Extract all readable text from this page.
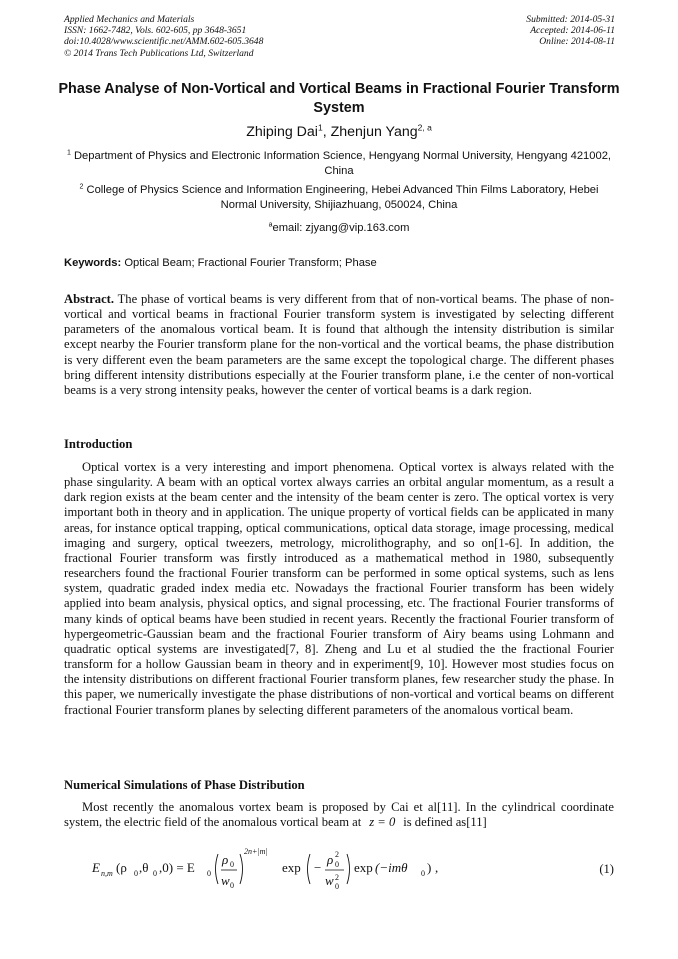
Applied Mechanics and Materials
ISSN: 1662-7482, Vols. 602-605, pp 3648-3651
doi:10.4028/www.scientific.net/AMM.602-605.3648
© 2014 Trans Tech Publications Ltd, Switzerland
Submitted: 2014-05-31
Accepted: 2014-06-11
Online: 2014-08-11
Phase Analyse of Non-Vortical and Vortical Beams in Fractional Fourier Transform System
Zhiping Dai$^1$, Zhenjun Yang$^{2, a}$
$^1$ Department of Physics and Electronic Information Science, Hengyang Normal University, Hengyang 421002, China
$^2$ College of Physics Science and Information Engineering, Hebei Advanced Thin Films Laboratory, Hebei Normal University, Shijiazhuang, 050024, China
$^a$email: zjyang@vip.163.com
Keywords: Optical Beam; Fractional Fourier Transform; Phase
Abstract. The phase of vortical beams is very different from that of non-vortical beams. The phase of non-vortical and vortical beams in fractional Fourier transform system is investigated by selecting different parameters of the anomalous vortical beam. It is found that although the intensity distribution is similar except nearby the Fourier transform plane for the non-vortical and the vortical beams, the phase distribution is very different even the beam parameters are the same except the topological charge. The different phases bring different intensity distributions especially at the Fourier transform plane, i.e the center of non-vortical beams is a very strong intensity peaks, however the center of vortical beams is a dark region.
Introduction
Optical vortex is a very interesting and import phenomena. Optical vortex is always related with the phase singularity. A beam with an optical vortex always carries an orbital angular momentum, as a result a dark region exists at the beam center and the intensity of the beam center is zero. The optical vortex is very important both in theory and in application. The unique property of vortical fields can be applicated in many areas, for instance optical trapping, optical communications, optical data storage, image processing, medical imaging and surgery, optical tweezers, metrology, microlithography, and so on[1-6]. In addition, the fractional Fourier transform was firstly introduced as a mathematical method in 1980, subsequently researchers found the fractional Fourier transform can be performed in some optical systems, such as lens system, quadratic graded index media etc. Nowadays the fractional Fourier transform has been widely applied into beam analysis, physical optics, and signal processing, etc. The fractional Fourier transforms of many kinds of optical beams have been studied in recent years. Recently the fractional Fourier transform of hypergeometric-Gaussian beam and the fractional Fourier transform of Airy beams using Lohmann and quadratic optical systems are investigated[7, 8]. Zheng and Lu et al studied the the fractional Fourier transform for a hollow Gaussian beam in theory and in experiment[9, 10]. However most studies focus on the intensity distributions on different fractional Fourier transform planes, few researcher study the phase. In this paper, we numerically investigate the phase distributions of non-vortical and vortical beams on different fractional Fourier transform planes by selecting different parameters of the anomalous vortical beam.
Numerical Simulations of Phase Distribution
Most recently the anomalous vortex beam is proposed by Cai et al[11]. In the cylindrical coordinate system, the electric field of the anomalous vortical beam at z = 0 is defined as[11]
E n,m (ρ 0 ,θ 0 ,0) = E 0
ρ 0
w 0
2n+|m|
exp −
ρ 2
0
w 2
0
exp (−imθ 0 ) ,	(1)
